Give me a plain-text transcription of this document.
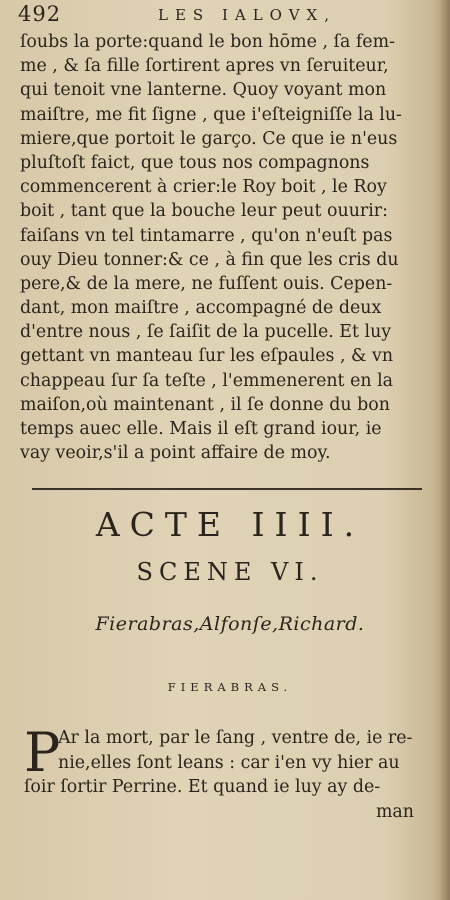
492	LES IALOVX,
ſoubs la porte:quand le bon hōme , ſa fem-
me , & ſa fille ſortirent apres vn ſeruiteur,
qui tenoit vne lanterne. Quoy voyant mon
maiſtre, me fit ſigne , que i'eſteigniſſe la lu-
miere,que portoit le garço. Ce que ie n'eus
pluſtoſt faict, que tous nos compagnons
commencerent à crier:le Roy boit , le Roy
boit , tant que la bouche leur peut ouurir:
faiſans vn tel tintamarre , qu'on n'euſt pas
ouy Dieu tonner:& ce , à fin que les cris du
pere,& de la mere, ne fuſſent ouis. Cepen-
dant, mon maiſtre , accompagné de deux
d'entre nous , ſe ſaiſit de la pucelle. Et luy
gettant vn manteau ſur les eſpaules , & vn
chappeau ſur ſa teſte , l'emmenerent en la
maiſon,où maintenant , il ſe donne du bon
temps auec elle. Mais il eſt grand iour, ie
vay veoir,s'il a point affaire de moy.
ACTE IIII.
SCENE VI.
Fierabras,Alfonſe,Richard.
FIERABRAS.
P
Ar la mort, par le ſang , ventre de, ie re-
nie,elles ſont leans : car i'en vy hier au
ſoir ſortir Perrine. Et quand ie luy ay de-
man
